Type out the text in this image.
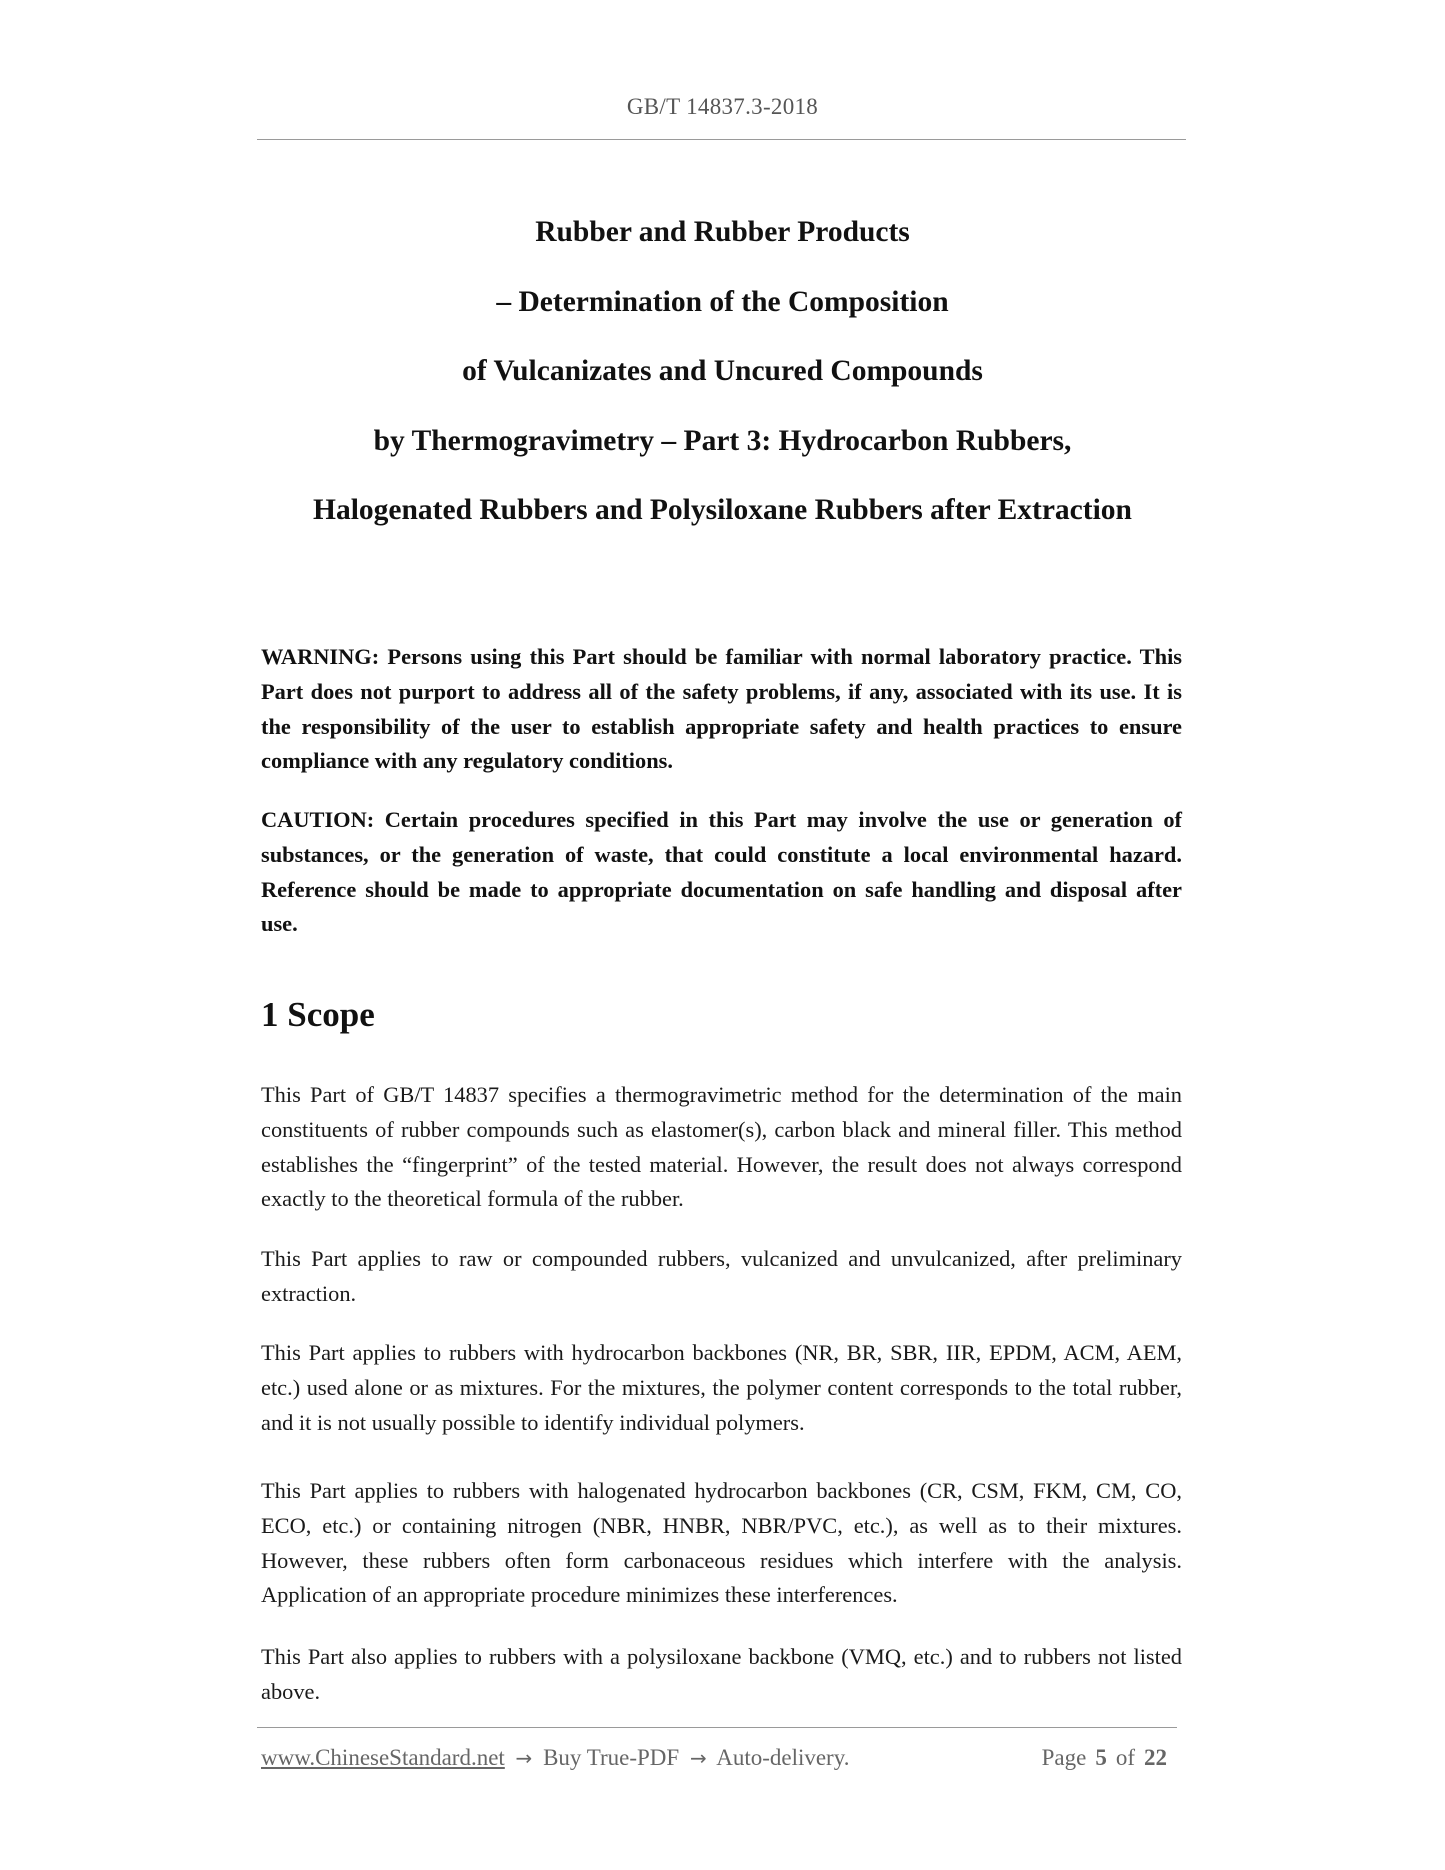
GB/T 14837.3-2018
Rubber and Rubber Products
– Determination of the Composition
of Vulcanizates and Uncured Compounds
by Thermogravimetry – Part 3: Hydrocarbon Rubbers,
Halogenated Rubbers and Polysiloxane Rubbers after Extraction
WARNING: Persons using this Part should be familiar with normal laboratory practice. This Part does not purport to address all of the safety problems, if any, associated with its use. It is the responsibility of the user to establish appropriate safety and health practices to ensure compliance with any regulatory conditions.
CAUTION: Certain procedures specified in this Part may involve the use or generation of substances, or the generation of waste, that could constitute a local environmental hazard. Reference should be made to appropriate documentation on safe handling and disposal after use.
1 Scope
This Part of GB/T 14837 specifies a thermogravimetric method for the determination of the main constituents of rubber compounds such as elastomer(s), carbon black and mineral filler. This method establishes the “fingerprint” of the tested material. However, the result does not always correspond exactly to the theoretical formula of the rubber.
This Part applies to raw or compounded rubbers, vulcanized and unvulcanized, after preliminary extraction.
This Part applies to rubbers with hydrocarbon backbones (NR, BR, SBR, IIR, EPDM, ACM, AEM, etc.) used alone or as mixtures. For the mixtures, the polymer content corresponds to the total rubber, and it is not usually possible to identify individual polymers.
This Part applies to rubbers with halogenated hydrocarbon backbones (CR, CSM, FKM, CM, CO, ECO, etc.) or containing nitrogen (NBR, HNBR, NBR/PVC, etc.), as well as to their mixtures. However, these rubbers often form carbonaceous residues which interfere with the analysis. Application of an appropriate procedure minimizes these interferences.
This Part also applies to rubbers with a polysiloxane backbone (VMQ, etc.) and to rubbers not listed above.
www.ChineseStandard.net → Buy True-PDF → Auto-delivery.	Page 5 of 22
